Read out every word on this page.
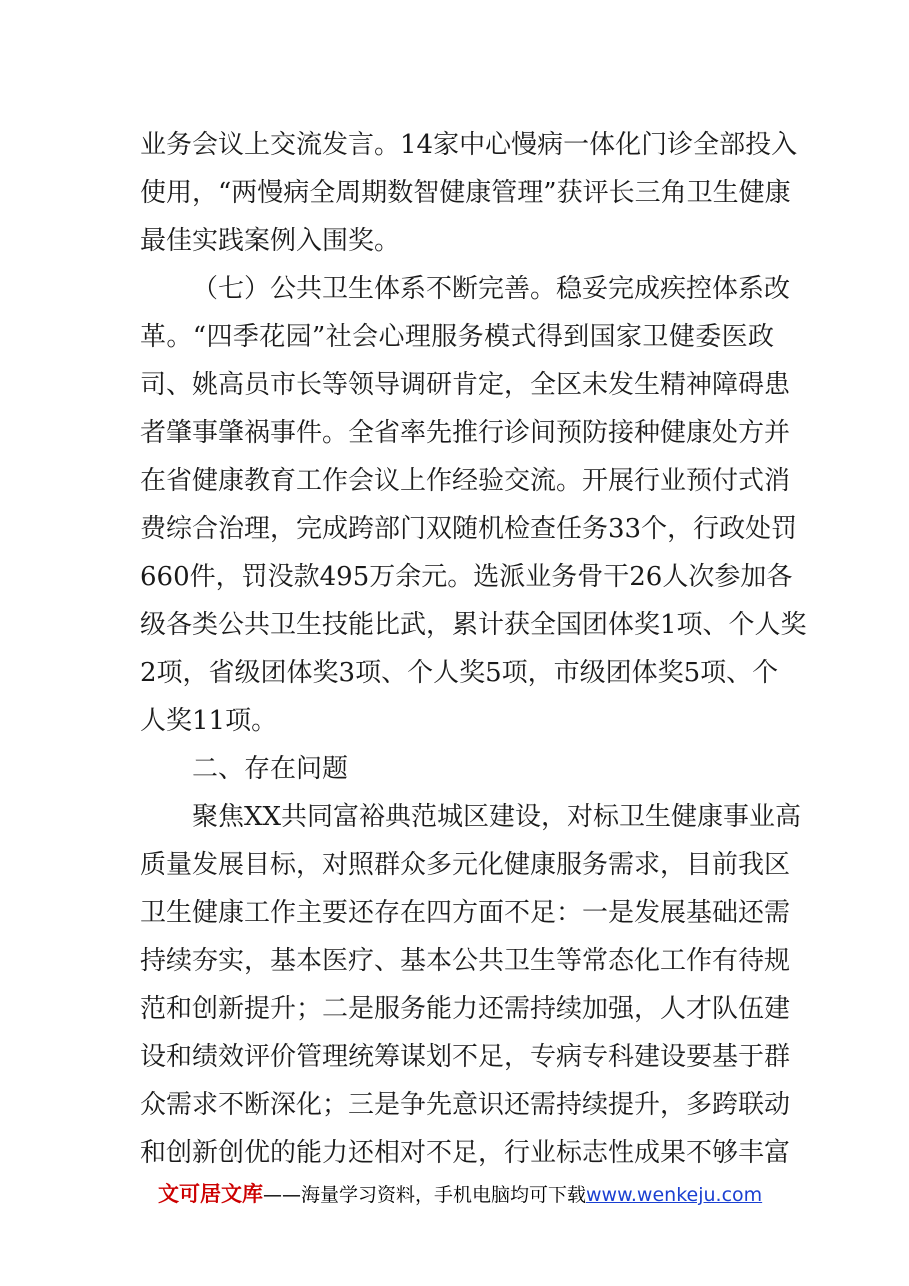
业务会议上交流发言。14家中心慢病一体化门诊全部投入
使用，“两慢病全周期数智健康管理”获评长三角卫生健康
最佳实践案例入围奖。
（七）公共卫生体系不断完善。稳妥完成疾控体系改
革。“四季花园”社会心理服务模式得到国家卫健委医政
司、姚高员市长等领导调研肯定，全区未发生精神障碍患
者肇事肇祸事件。全省率先推行诊间预防接种健康处方并
在省健康教育工作会议上作经验交流。开展行业预付式消
费综合治理，完成跨部门双随机检查任务33个，行政处罚
660件，罚没款495万余元。选派业务骨干26人次参加各
级各类公共卫生技能比武，累计获全国团体奖1项、个人奖
2项，省级团体奖3项、个人奖5项，市级团体奖5项、个
人奖11项。
二、存在问题
聚焦XX共同富裕典范城区建设，对标卫生健康事业高
质量发展目标，对照群众多元化健康服务需求，目前我区
卫生健康工作主要还存在四方面不足：一是发展基础还需
持续夯实，基本医疗、基本公共卫生等常态化工作有待规
范和创新提升；二是服务能力还需持续加强，人才队伍建
设和绩效评价管理统筹谋划不足，专病专科建设要基于群
众需求不断深化；三是争先意识还需持续提升，多跨联动
和创新创优的能力还相对不足，行业标志性成果不够丰富
文可居文库——海量学习资料，手机电脑均可下载www.wenkeju.com
